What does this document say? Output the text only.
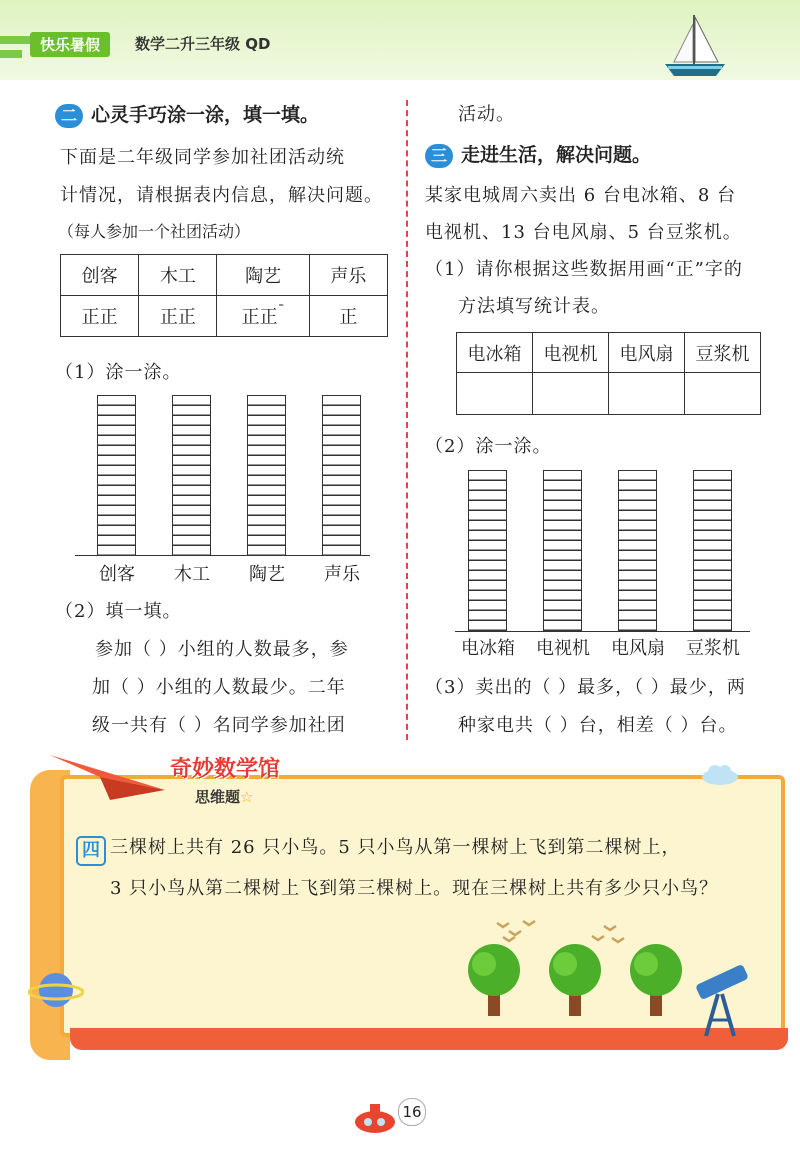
快乐暑假	数学二升三年级 QD
二 心灵手巧涂一涂，填一填。
下面是二年级同学参加社团活动统
计情况，请根据表内信息，解决问题。
（每人参加一个社团活动）
创客	木工	陶艺	声乐
正正	正正	正正$^ˉ$	正
（1）涂一涂。
创客	木工	陶艺	声乐
（2）填一填。
参加（ ）小组的人数最多，参
加（ ）小组的人数最少。二年
级一共有（ ）名同学参加社团
活动。
三 走进生活，解决问题。
某家电城周六卖出 6 台电冰箱、8 台
电视机、13 台电风扇、5 台豆浆机。
（1）请你根据这些数据用画“正”字的
方法填写统计表。
电冰箱	电视机	电风扇	豆浆机

（2）涂一涂。
电冰箱	电视机	电风扇	豆浆机
（3）卖出的（ ）最多，（ ）最少，两
种家电共（ ）台，相差（ ）台。
奇妙数学馆
思维题☆
四 三棵树上共有 26 只小鸟。5 只小鸟从第一棵树上飞到第二棵树上，
3 只小鸟从第二棵树上飞到第三棵树上。现在三棵树上共有多少只小鸟？
16
